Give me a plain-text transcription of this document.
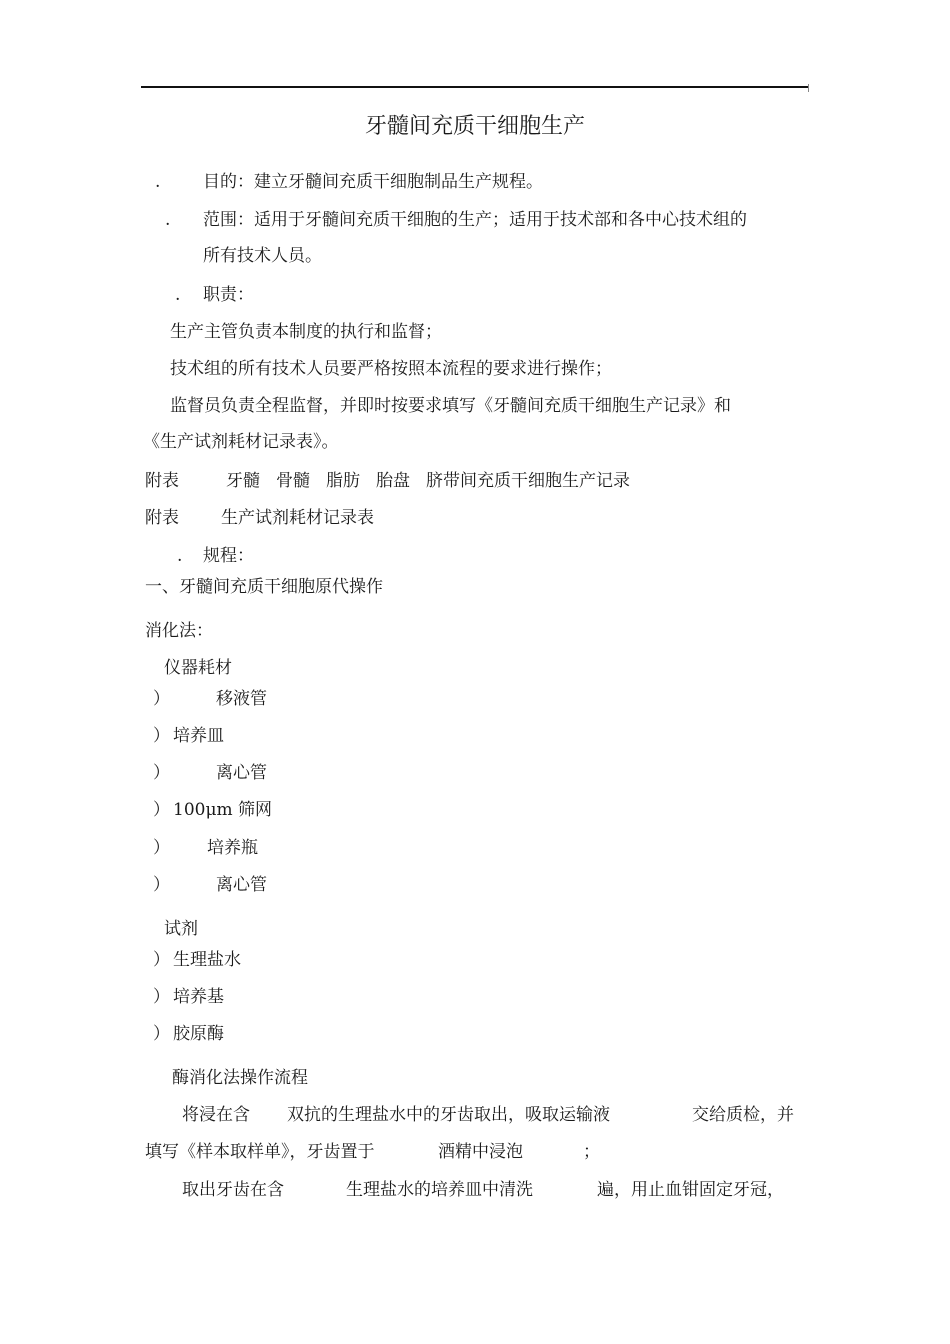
牙髓间充质干细胞生产
.	目的：建立牙髓间充质干细胞制品生产规程。
. 范围：适用于牙髓间充质干细胞的生产；适用于技术部和各中心技术组的
所有技术人员。
. 职责：
生产主管负责本制度的执行和监督；
技术组的所有技术人员要严格按照本流程的要求进行操作；
监督员负责全程监督，并即时按要求填写《牙髓间充质干细胞生产记录》和
《生产试剂耗材记录表》。
附表	牙髓 骨髓 脂肪 胎盘 脐带间充质干细胞生产记录
附表 生产试剂耗材记录表
. 规程：
一、牙髓间充质干细胞原代操作
消化法：
仪器耗材
）	移液管
） 培养皿
）	离心管
） 100μm 筛网
） 培养瓶
）	离心管
试剂
） 生理盐水
） 培养基
） 胶原酶
酶消化法操作流程
将浸在含 双抗的生理盐水中的牙齿取出，吸取运输液	交给质检，并
填写《样本取样单》，牙齿置于	酒精中浸泡	；
取出牙齿在含	生理盐水的培养皿中清洗	遍，用止血钳固定牙冠，
